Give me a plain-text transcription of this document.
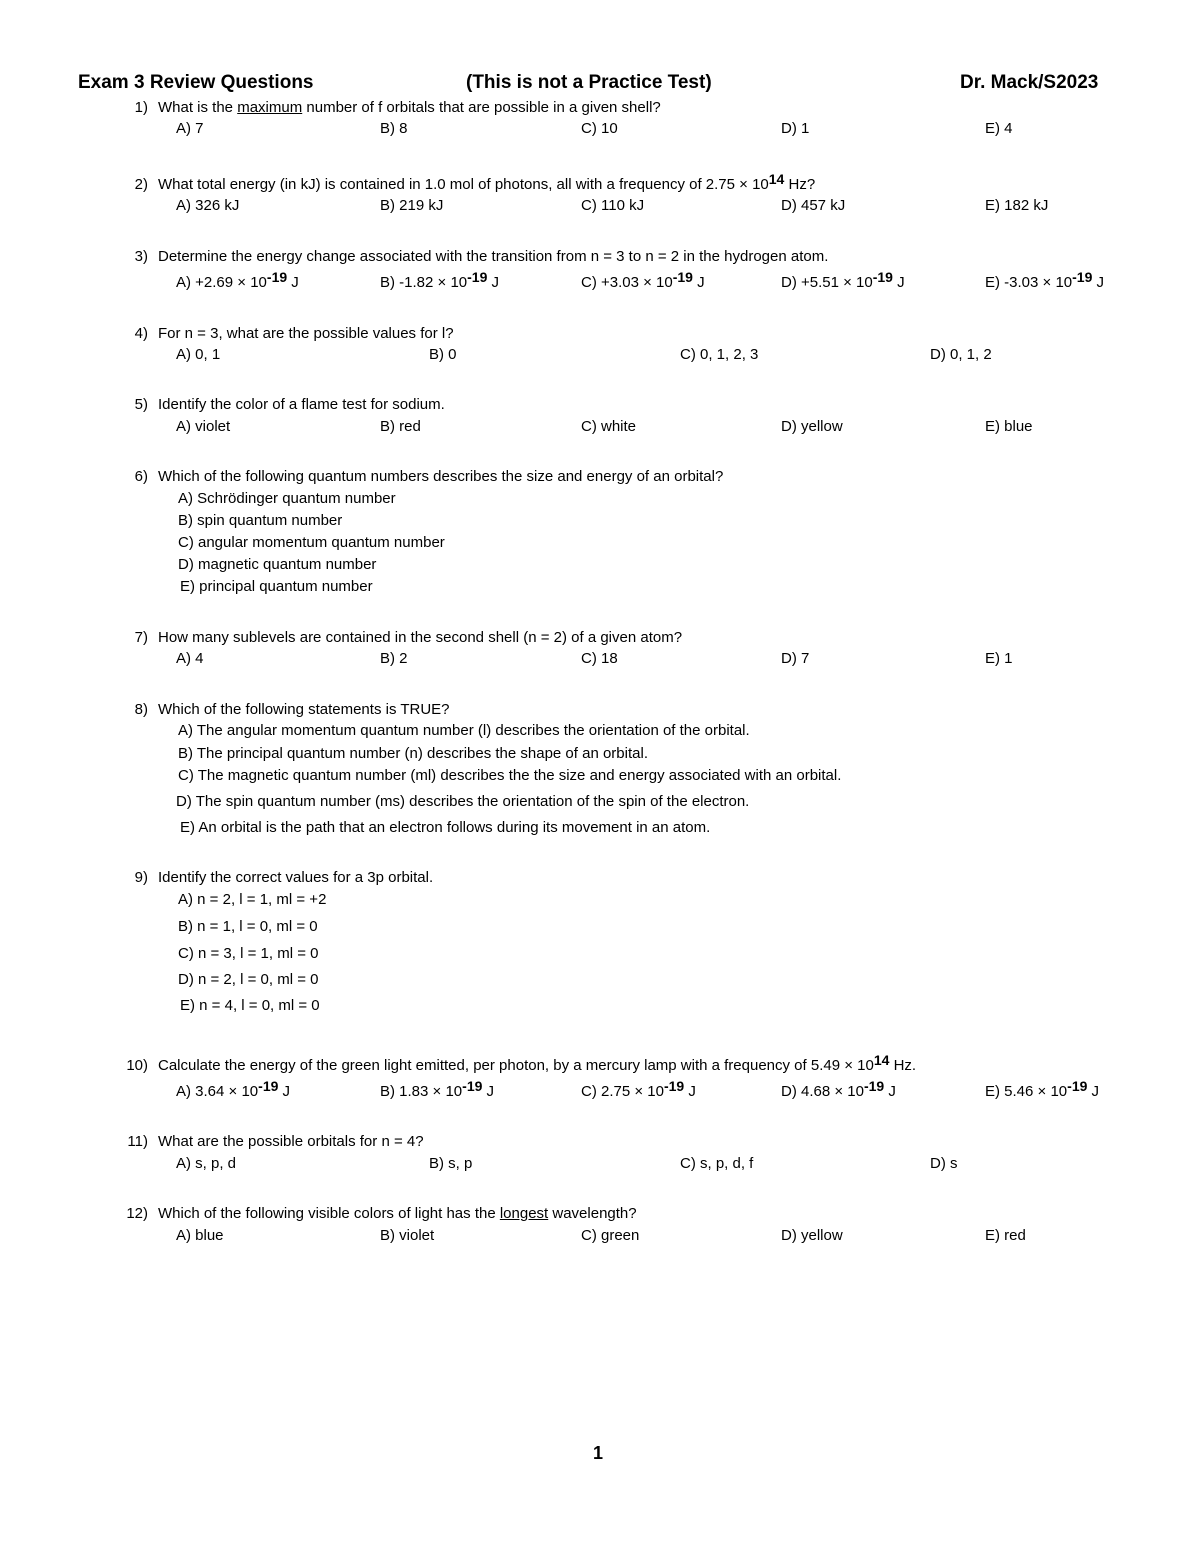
Exam 3 Review Questions	(This is not a Practice Test)	Dr. Mack/S2023
1) What is the maximum number of f orbitals that are possible in a given shell?
A) 7	B) 8	C) 10	D) 1	E) 4
2) What total energy (in kJ) is contained in 1.0 mol of photons, all with a frequency of $2.75 \times 10^{14}$ Hz?
A) 326 kJ	B) 219 kJ	C) 110 kJ	D) 457 kJ	E) 182 kJ
3) Determine the energy change associated with the transition from n = 3 to n = 2 in the hydrogen atom.
$A) +2.69 \times 10^{-19}$ J	B) $-1.82 \times 10^{-19}$ J	$C) +3.03 \times 10^{-19}$ J	$D) +5.51 \times 10^{-19}$ J	E) $-3.03 \times 10^{-19}$ J
4) For n = 3, what are the possible values for l?
A) 0, 1	B) 0	C) 0, 1, 2, 3	D) 0, 1, 2
5) Identify the color of a flame test for sodium.
A) violet	B) red	C) white	D) yellow	E) blue
6) Which of the following quantum numbers describes the size and energy of an orbital?
A) Schrödinger quantum number
B) spin quantum number
C) angular momentum quantum number
D) magnetic quantum number
E) principal quantum number
7) How many sublevels are contained in the second shell (n = 2) of a given atom?
A) 4	B) 2	C) 18	D) 7	E) 1
8) Which of the following statements is TRUE?
A) The angular momentum quantum number (l) describes the orientation of the orbital.
B) The principal quantum number (n) describes the shape of an orbital.
C) The magnetic quantum number (ml) describes the the size and energy associated with an orbital.
D) The spin quantum number (ms) describes the orientation of the spin of the electron.
E) An orbital is the path that an electron follows during its movement in an atom.
9) Identify the correct values for a 3p orbital.
A) n = 2, l = 1, ml = +2
B) n = 1, l = 0, ml = 0
C) n = 3, l = 1, ml = 0
D) n = 2, l = 0, ml = 0
E) n = 4, l = 0, ml = 0
10) Calculate the energy of the green light emitted, per photon, by a mercury lamp with a frequency of $5.49 \times 10^{14}$ Hz.
A) $3.64 \times 10^{-19}$ J	B) $1.83 \times 10^{-19}$ J	C) $2.75 \times 10^{-19}$ J	D) $4.68 \times 10^{-19}$ J	E) $5.46 \times 10^{-19}$ J
11) What are the possible orbitals for n = 4?
A) s, p, d	B) s, p	C) s, p, d, f	D) s
12) Which of the following visible colors of light has the longest wavelength?
A) blue	B) violet	C) green	D) yellow	E) red
1
